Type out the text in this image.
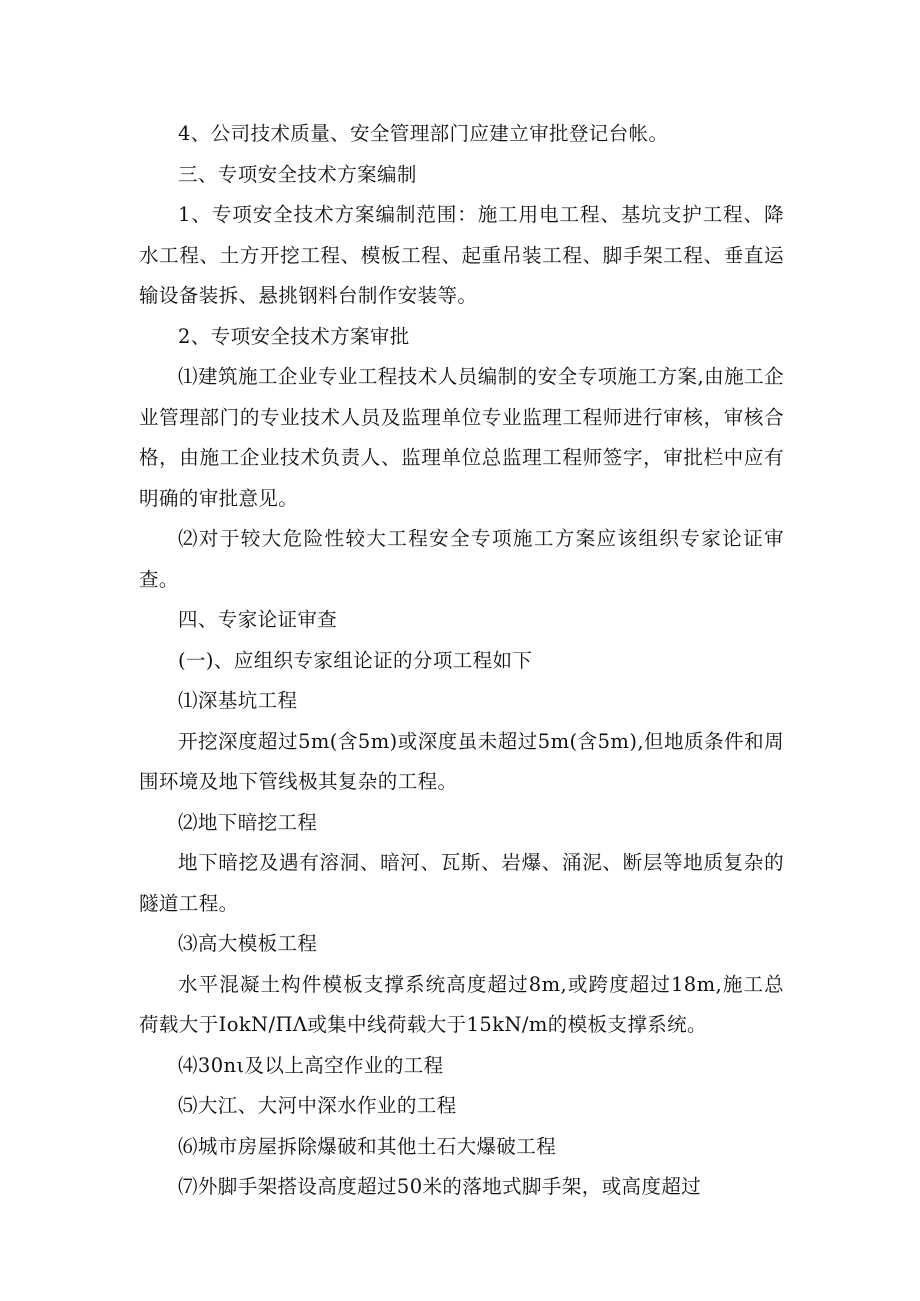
4、公司技术质量、安全管理部门应建立审批登记台帐。

三、专项安全技术方案编制

1、专项安全技术方案编制范围：施工用电工程、基坑支护工程、降水工程、土方开挖工程、模板工程、起重吊装工程、脚手架工程、垂直运输设备装拆、悬挑钢料台制作安装等。

2、专项安全技术方案审批

⑴建筑施工企业专业工程技术人员编制的安全专项施工方案,由施工企业管理部门的专业技术人员及监理单位专业监理工程师进行审核，审核合格，由施工企业技术负责人、监理单位总监理工程师签字，审批栏中应有明确的审批意见。

⑵对于较大危险性较大工程安全专项施工方案应该组织专家论证审查。

四、专家论证审查

(一)、应组织专家组论证的分项工程如下

⑴深基坑工程

开挖深度超过5m(含5m)或深度虽未超过5m(含5m),但地质条件和周围环境及地下管线极其复杂的工程。

⑵地下暗挖工程

地下暗挖及遇有溶洞、暗河、瓦斯、岩爆、涌泥、断层等地质复杂的隧道工程。

⑶高大模板工程

水平混凝土构件模板支撑系统高度超过8m,或跨度超过18m,施工总荷载大于IokN/ΠΛ或集中线荷载大于15kN/m的模板支撑系统。

⑷30nι及以上高空作业的工程

⑸大江、大河中深水作业的工程

⑹城市房屋拆除爆破和其他土石大爆破工程

⑺外脚手架搭设高度超过50米的落地式脚手架，或高度超过
